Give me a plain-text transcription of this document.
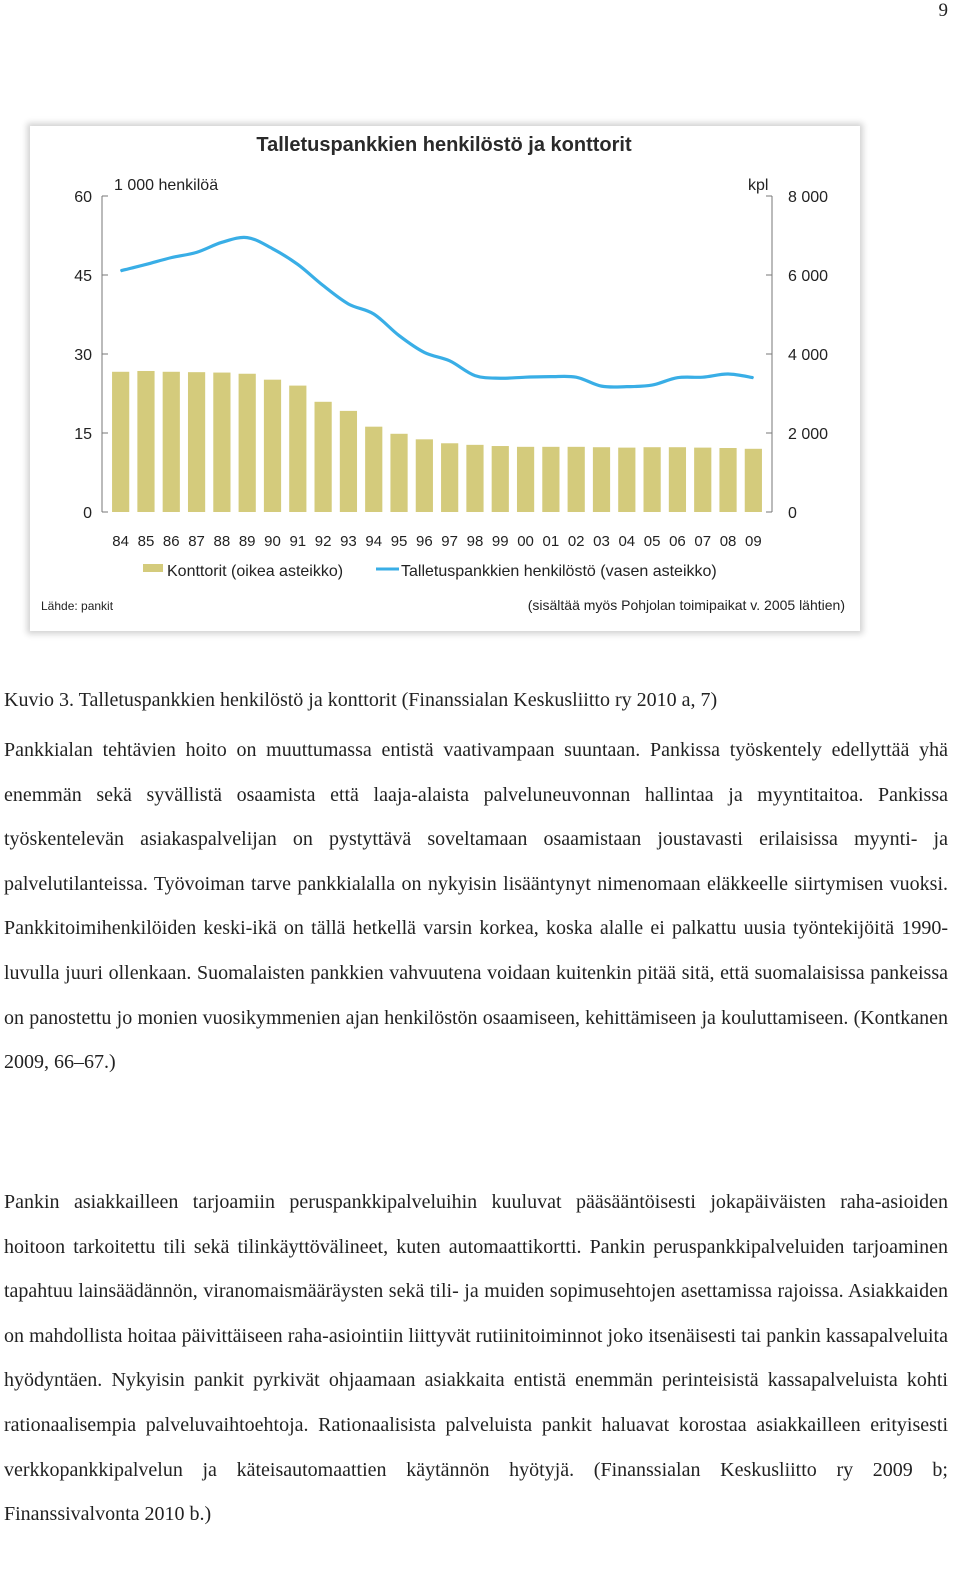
9
Talletuspankkien henkilöstö ja konttorit
1 000 henkilöä	kpl
0
15
30
45
60
0
2 000
4 000
6 000
8 000
84 85 86 87 88 89 90 91 92 93 94 95 96 97 98 99 00 01 02 03 04 05 06 07 08 09
Konttorit (oikea asteikko)	Talletuspankkien henkilöstö (vasen asteikko)
Lähde: pankit	(sisältää myös Pohjolan toimipaikat v. 2005 lähtien)

Kuvio 3. Talletuspankkien henkilöstö ja konttorit (Finanssialan Keskusliitto ry 2010 a, 7)

Pankkialan tehtävien hoito on muuttumassa entistä vaativampaan suuntaan. Pankissa työskentely edellyttää yhä enemmän sekä syvällistä osaamista että laaja-alaista palveluneuvonnan hallintaa ja myyntitaitoa. Pankissa työskentelevän asiakaspalvelijan on pystyttävä soveltamaan osaamistaan joustavasti erilaisissa myynti- ja palvelutilanteissa. Työvoiman tarve pankkialalla on nykyisin lisääntynyt nimenomaan eläkkeelle siirtymisen vuoksi. Pankkitoimihenkilöiden keski-ikä on tällä hetkellä varsin korkea, koska alalle ei palkattu uusia työntekijöitä 1990-luvulla juuri ollenkaan. Suomalaisten pankkien vahvuutena voidaan kuitenkin pitää sitä, että suomalaisissa pankeissa on panostettu jo monien vuosikymmenien ajan henkilöstön osaamiseen, kehittämiseen ja kouluttamiseen. (Kontkanen 2009, 66–67.)

Pankin asiakkailleen tarjoamiin peruspankkipalveluihin kuuluvat pääsääntöisesti jokapäiväisten raha-asioiden hoitoon tarkoitettu tili sekä tilinkäyttövälineet, kuten automaattikortti. Pankin peruspankkipalveluiden tarjoaminen tapahtuu lainsäädännön, viranomaismääräysten sekä tili- ja muiden sopimusehtojen asettamissa rajoissa. Asiakkaiden on mahdollista hoitaa päivittäiseen raha-asiointiin liittyvät rutiinitoiminnot joko itsenäisesti tai pankin kassapalveluita hyödyntäen. Nykyisin pankit pyrkivät ohjaamaan asiakkaita entistä enemmän perinteisistä kassapalveluista kohti rationaalisempia palveluvaihtoehtoja. Rationaalisista palveluista pankit haluavat korostaa asiakkailleen erityisesti verkkopankkipalvelun ja käteisautomaattien käytännön hyötyjä. (Finanssialan Keskusliitto ry 2009 b; Finanssivalvonta 2010 b.)
